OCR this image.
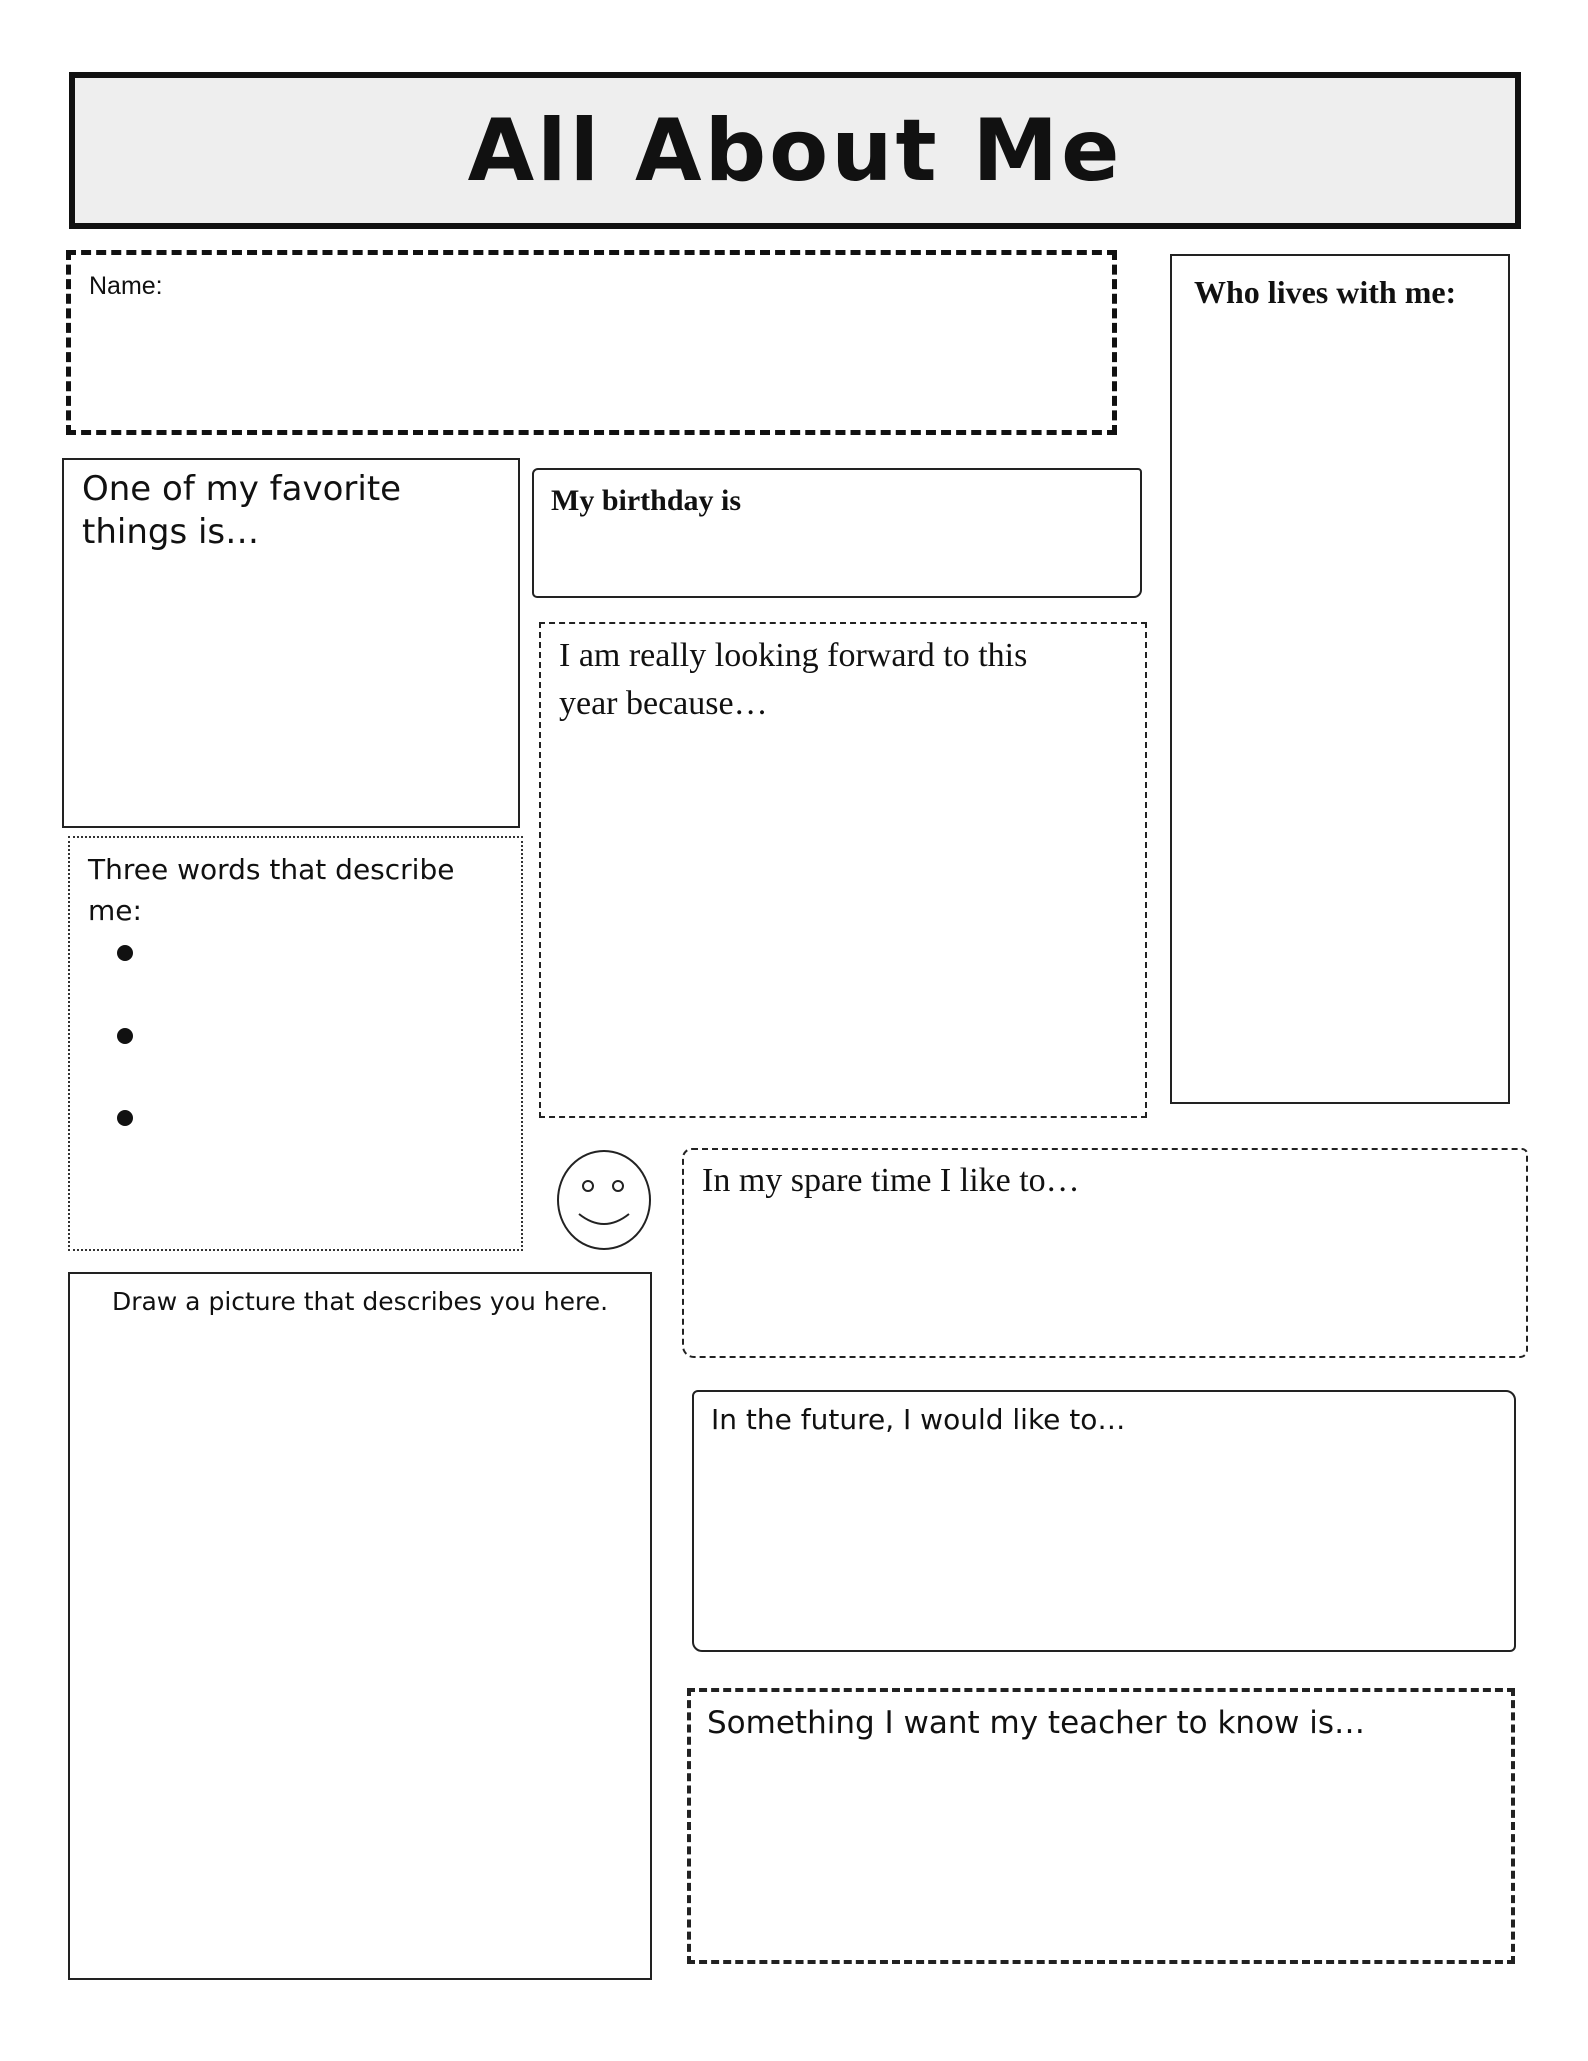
All About Me
Name:	Who lives with me:
One of my favorite
things is…
My birthday is
I am really looking forward to this
year because…
Three words that describe
me:
In my spare time I like to…
Draw a picture that describes you here.
In the future, I would like to…
Something I want my teacher to know is…
